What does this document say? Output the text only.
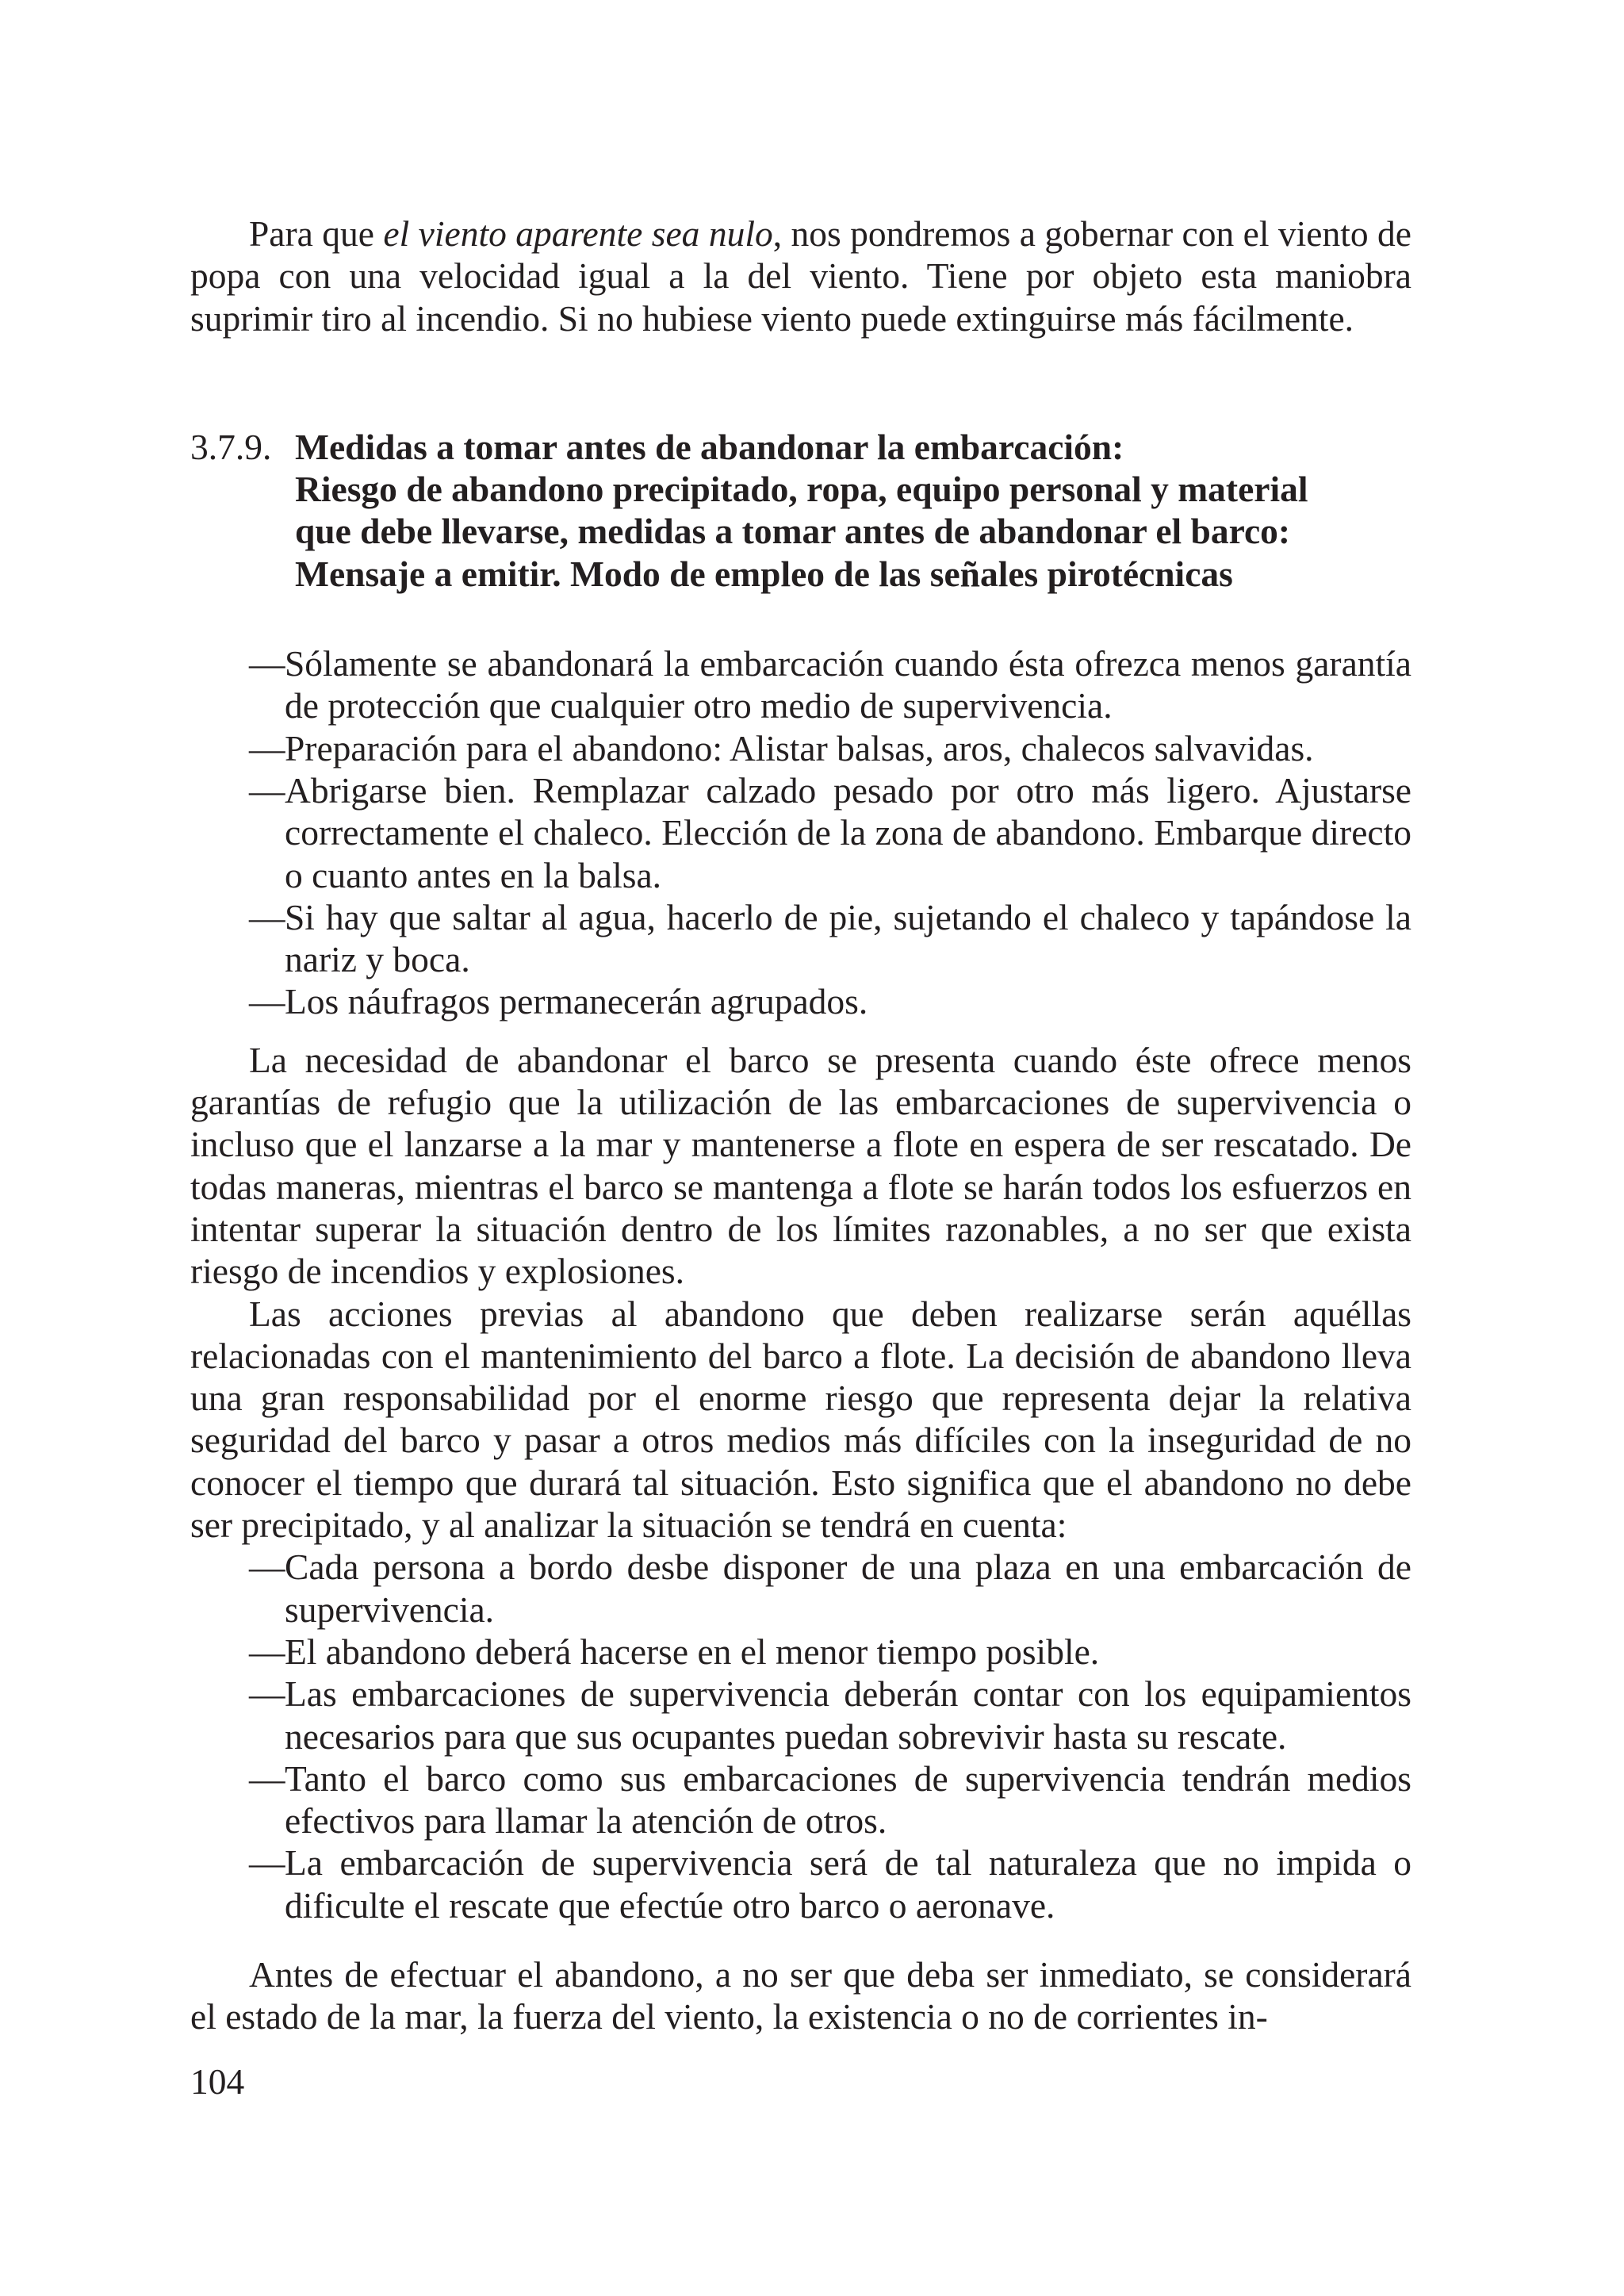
Para que el viento aparente sea nulo, nos pondremos a gobernar con el viento de popa con una velocidad igual a la del viento. Tiene por objeto esta maniobra suprimir tiro al incendio. Si no hubiese viento puede extinguirse más fácilmente.

3.7.9. Medidas a tomar antes de abandonar la embarcación:
Riesgo de abandono precipitado, ropa, equipo personal y material
que debe llevarse, medidas a tomar antes de abandonar el barco:
Mensaje a emitir. Modo de empleo de las señales pirotécnicas
— Sólamente se abandonará la embarcación cuando ésta ofrezca menos garantía de protección que cualquier otro medio de supervivencia.
— Preparación para el abandono: Alistar balsas, aros, chalecos salvavidas.
— Abrigarse bien. Remplazar calzado pesado por otro más ligero. Ajustarse correctamente el chaleco. Elección de la zona de abandono. Embarque directo o cuanto antes en la balsa.
— Si hay que saltar al agua, hacerlo de pie, sujetando el chaleco y tapándose la nariz y boca.
— Los náufragos permanecerán agrupados.

La necesidad de abandonar el barco se presenta cuando éste ofrece menos garantías de refugio que la utilización de las embarcaciones de supervivencia o incluso que el lanzarse a la mar y mantenerse a flote en espera de ser rescatado. De todas maneras, mientras el barco se mantenga a flote se harán todos los esfuerzos en intentar superar la situación dentro de los límites razonables, a no ser que exista riesgo de incendios y explosiones.

Las acciones previas al abandono que deben realizarse serán aquéllas relacionadas con el mantenimiento del barco a flote. La decisión de abandono lleva una gran responsabilidad por el enorme riesgo que representa dejar la relativa seguridad del barco y pasar a otros medios más difíciles con la inseguridad de no conocer el tiempo que durará tal situación. Esto significa que el abandono no debe ser precipitado, y al analizar la situación se tendrá en cuenta:

— Cada persona a bordo desbe disponer de una plaza en una embarcación de supervivencia.
— El abandono deberá hacerse en el menor tiempo posible.
— Las embarcaciones de supervivencia deberán contar con los equipamientos necesarios para que sus ocupantes puedan sobrevivir hasta su rescate.
— Tanto el barco como sus embarcaciones de supervivencia tendrán medios efectivos para llamar la atención de otros.
— La embarcación de supervivencia será de tal naturaleza que no impida o dificulte el rescate que efectúe otro barco o aeronave.

Antes de efectuar el abandono, a no ser que deba ser inmediato, se considerará el estado de la mar, la fuerza del viento, la existencia o no de corrientes in-

104
